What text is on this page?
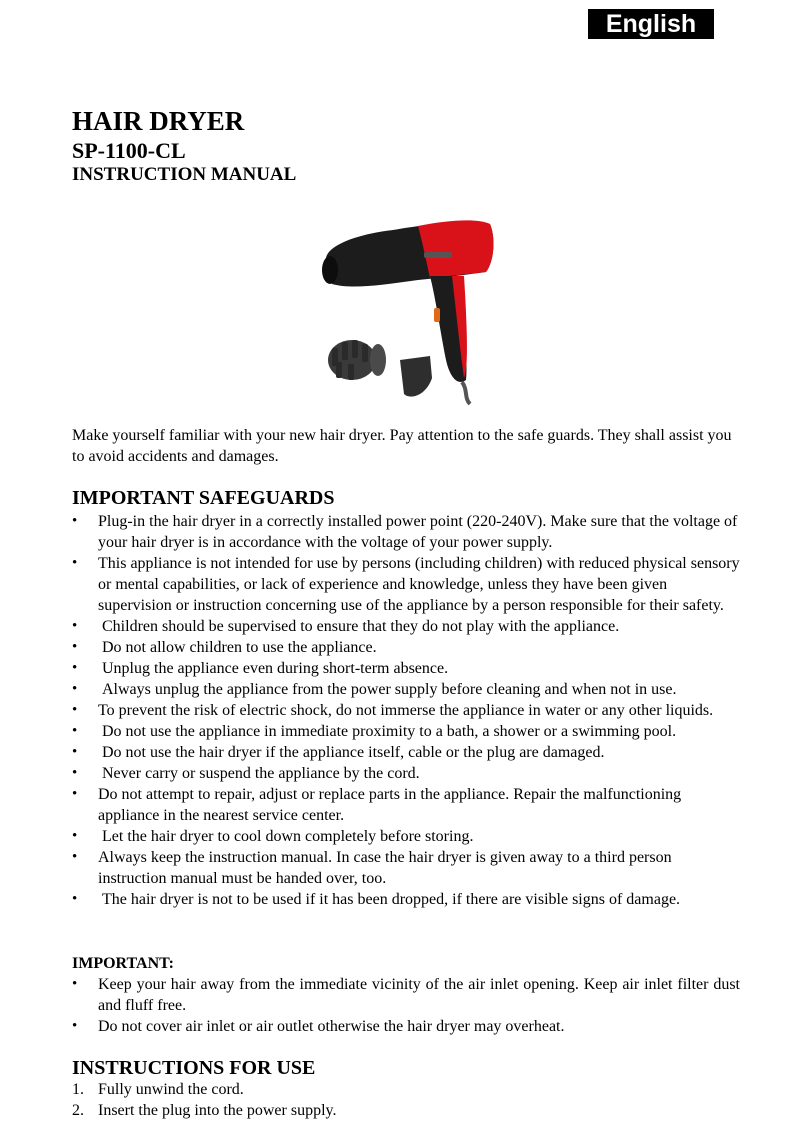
English
HAIR DRYER
SP-1100-CL
INSTRUCTION MANUAL

Make yourself familiar with your new hair dryer. Pay attention to the safe guards. They shall assist you to avoid accidents and damages.

IMPORTANT SAFEGUARDS
• Plug-in the hair dryer in a correctly installed power point (220-240V). Make sure that the voltage of your hair dryer is in accordance with the voltage of your power supply.
• This appliance is not intended for use by persons (including children) with reduced physical sensory or mental capabilities, or lack of experience and knowledge, unless they have been given supervision or instruction concerning use of the appliance by a person responsible for their safety.
• Children should be supervised to ensure that they do not play with the appliance.
• Do not allow children to use the appliance.
• Unplug the appliance even during short-term absence.
• Always unplug the appliance from the power supply before cleaning and when not in use.
• To prevent the risk of electric shock, do not immerse the appliance in water or any other liquids.
• Do not use the appliance in immediate proximity to a bath, a shower or a swimming pool.
• Do not use the hair dryer if the appliance itself, cable or the plug are damaged.
• Never carry or suspend the appliance by the cord.
• Do not attempt to repair, adjust or replace parts in the appliance. Repair the malfunctioning appliance in the nearest service center.
• Let the hair dryer to cool down completely before storing.
• Always keep the instruction manual. In case the hair dryer is given away to a third person instruction manual must be handed over, too.
• The hair dryer is not to be used if it has been dropped, if there are visible signs of damage.

IMPORTANT:

• Keep your hair away from the immediate vicinity of the air inlet opening. Keep air inlet filter dust and fluff free.
• Do not cover air inlet or air outlet otherwise the hair dryer may overheat.
INSTRUCTIONS FOR USE
1. Fully unwind the cord.
2. Insert the plug into the power supply.
